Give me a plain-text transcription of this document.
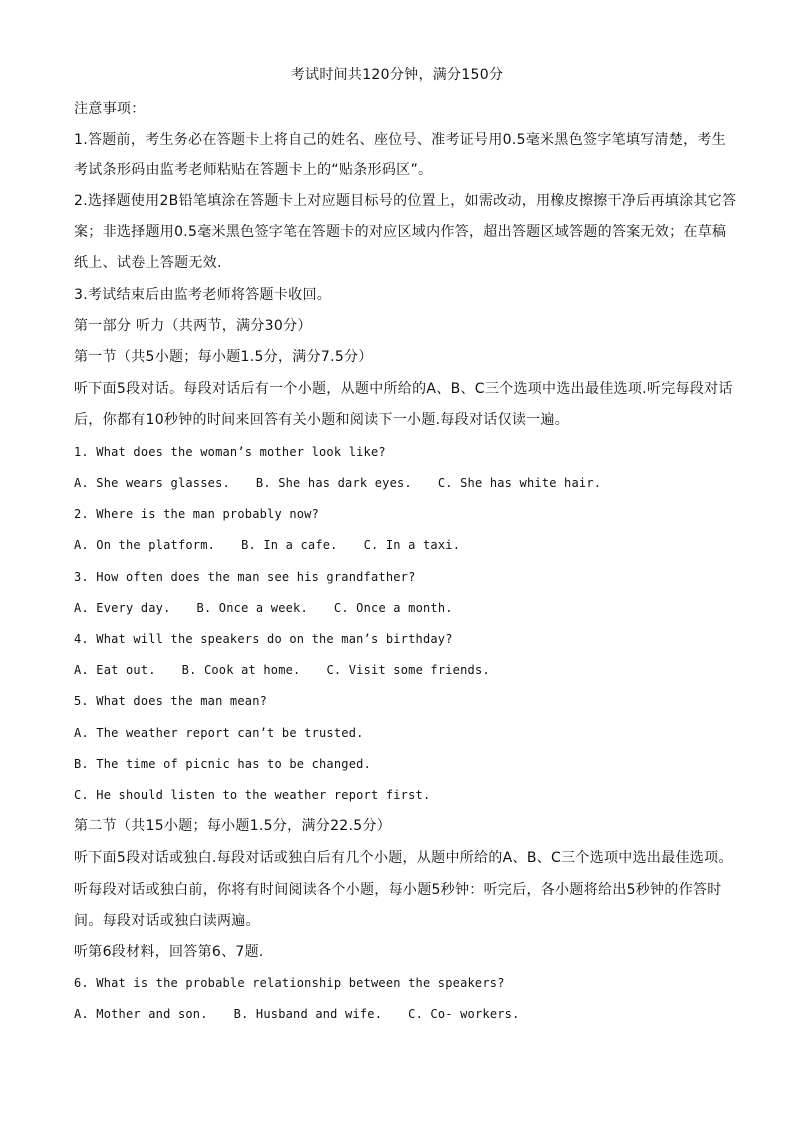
考试时间共120分钟，满分150分
注意事项：
1.答题前，考生务必在答题卡上将自己的姓名、座位号、准考证号用0.5毫米黑色签字笔填写清楚，考生
考试条形码由监考老师粘贴在答题卡上的“贴条形码区”。
2.选择题使用2B铅笔填涂在答题卡上对应题目标号的位置上，如需改动，用橡皮擦擦干净后再填涂其它答
案；非选择题用0.5毫米黑色签字笔在答题卡的对应区域内作答，超出答题区域答题的答案无效；在草稿
纸上、试卷上答题无效.
3.考试结束后由监考老师将答题卡收回。
第一部分 听力（共两节，满分30分）
第一节（共5小题；每小题1.5分，满分7.5分）
听下面5段对话。每段对话后有一个小题，从题中所给的A、B、C三个选项中选出最佳选项.听完每段对话
后，你都有10秒钟的时间来回答有关小题和阅读下一小题.每段对话仅读一遍。
1. What does the woman’s mother look like?
A. She wears glasses. B. She has dark eyes. C. She has white hair.
2. Where is the man probably now?
A. On the platform. B. In a cafe. C. In a taxi.
3. How often does the man see his grandfather?
A. Every day. B. Once a week. C. Once a month.
4. What will the speakers do on the man’s birthday?
A. Eat out. B. Cook at home. C. Visit some friends.
5. What does the man mean?
A. The weather report can’t be trusted.
B. The time of picnic has to be changed.
C. He should listen to the weather report first.
第二节（共15小题；每小题1.5分，满分22.5分）
听下面5段对话或独白.每段对话或独白后有几个小题，从题中所给的A、B、C三个选项中选出最佳选项。
听每段对话或独白前，你将有时间阅读各个小题，每小题5秒钟：听完后，各小题将给出5秒钟的作答时
间。每段对话或独白读两遍。
听第6段材料，回答第6、7题.
6. What is the probable relationship between the speakers?
A. Mother and son. B. Husband and wife. C. Co- workers.
